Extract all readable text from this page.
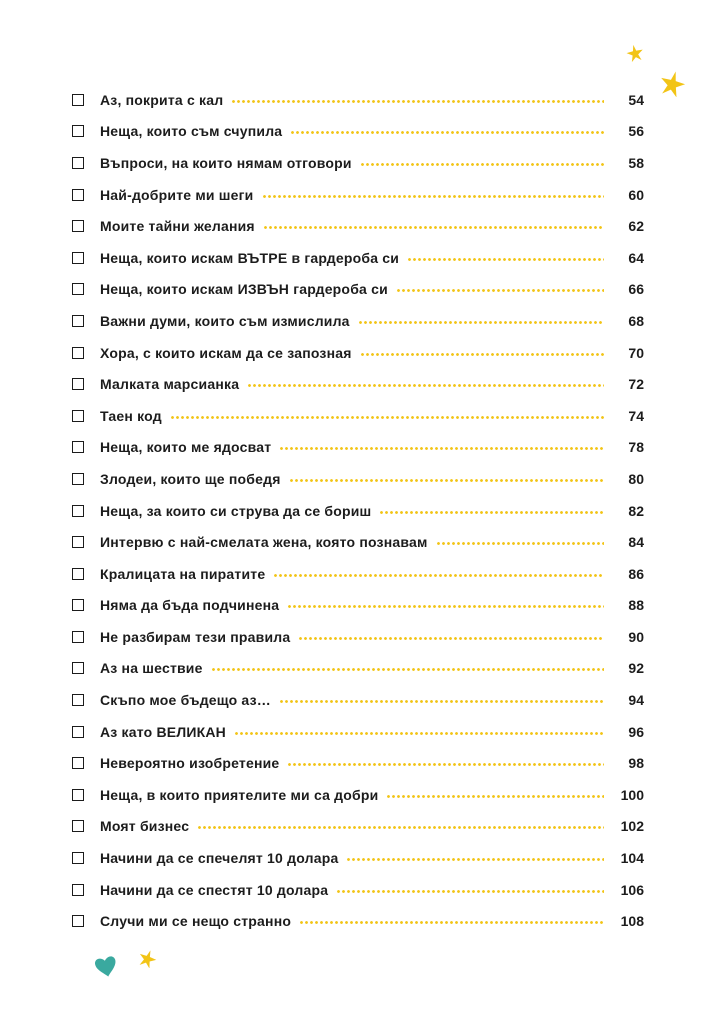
Аз, покрита с кал	54
Неща, които съм счупила	56
Въпроси, на които нямам отговори	58
Най-добрите ми шеги	60
Моите тайни желания	62
Неща, които искам ВЪТРЕ в гардероба си	64
Неща, които искам ИЗВЪН гардероба си	66
Важни думи, които съм измислила	68
Хора, с които искам да се запозная	70
Малката марсианка	72
Таен код	74
Неща, които ме ядосват	78
Злодеи, които ще победя	80
Неща, за които си струва да се бориш	82
Интервю с най-смелата жена, която познавам	84
Кралицата на пиратите	86
Няма да бъда подчинена	88
Не разбирам тези правила	90
Аз на шествие	92
Скъпо мое бъдещо аз…	94
Аз като ВЕЛИКАН	96
Невероятно изобретение	98
Неща, в които приятелите ми са добри	100
Моят бизнес	102
Начини да се спечелят 10 долара	104
Начини да се спестят 10 долара	106
Случи ми се нещо странно	108
